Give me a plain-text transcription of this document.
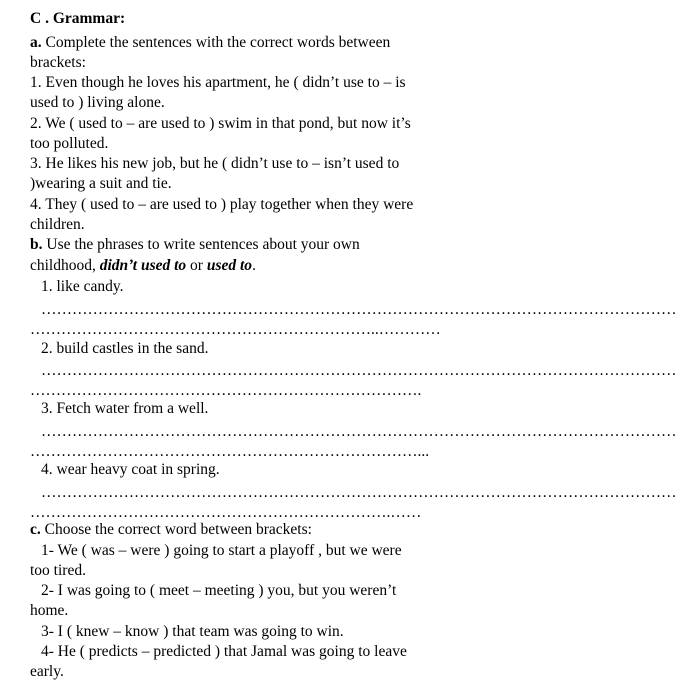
C . Grammar:
a. Complete the sentences with the correct words between
brackets:
1. Even though he loves his apartment, he ( didn’t use to – is
used to ) living alone.
2. We ( used to – are used to ) swim in that pond, but now it’s
too polluted.
3. He likes his new job, but he ( didn’t use to – isn’t used to
)wearing a suit and tie.
4. They ( used to – are used to ) play together when they were
children.
b. Use the phrases to write sentences about your own
childhood, didn’t used to or used to.
1. like candy.
……………………………………………………………………………………………………………
…………………………………………………………..…………
2. build castles in the sand.
……………………………………………………………………………………………………………
………………………………………………………………….
3. Fetch water from a well.
……………………………………………………………………………………………………………
…………………………………………………………………...
4. wear heavy coat in spring.
……………………………………………………………………………………………………………
…………………………………………………………….……
c. Choose the correct word between brackets:
1- We ( was – were ) going to start a playoff , but we were
too tired.
2- I was going to ( meet – meeting ) you, but you weren’t
home.
3- I ( knew – know ) that team was going to win.
4- He ( predicts – predicted ) that Jamal was going to leave
early.
